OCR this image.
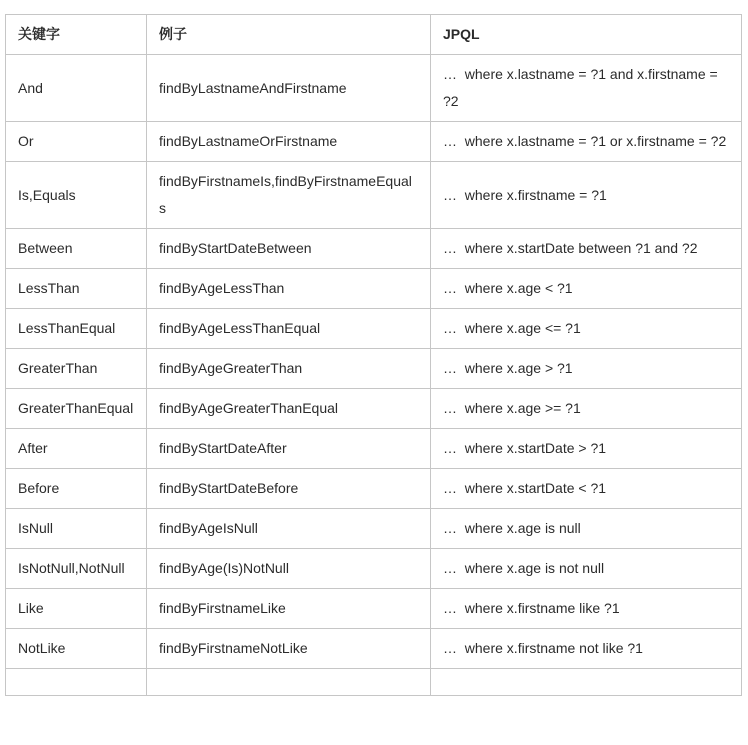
关键字	例子	JPQL
And	findByLastnameAndFirstname	…  where x.lastname = ?1 and x.firstname = ?2
Or	findByLastnameOrFirstname	…  where x.lastname = ?1 or x.firstname = ?2
Is,Equals	findByFirstnameIs,findByFirstnameEquals	…  where x.firstname = ?1
Between	findByStartDateBetween	…  where x.startDate between ?1 and ?2
LessThan	findByAgeLessThan	…  where x.age < ?1
LessThanEqual	findByAgeLessThanEqual	…  where x.age <= ?1
GreaterThan	findByAgeGreaterThan	…  where x.age > ?1
GreaterThanEqual	findByAgeGreaterThanEqual	…  where x.age >= ?1
After	findByStartDateAfter	…  where x.startDate > ?1
Before	findByStartDateBefore	…  where x.startDate < ?1
IsNull	findByAgeIsNull	…  where x.age is null
IsNotNull,NotNull	findByAge(Is)NotNull	…  where x.age is not null
Like	findByFirstnameLike	…  where x.firstname like ?1
NotLike	findByFirstnameNotLike	…  where x.firstname not like ?1
